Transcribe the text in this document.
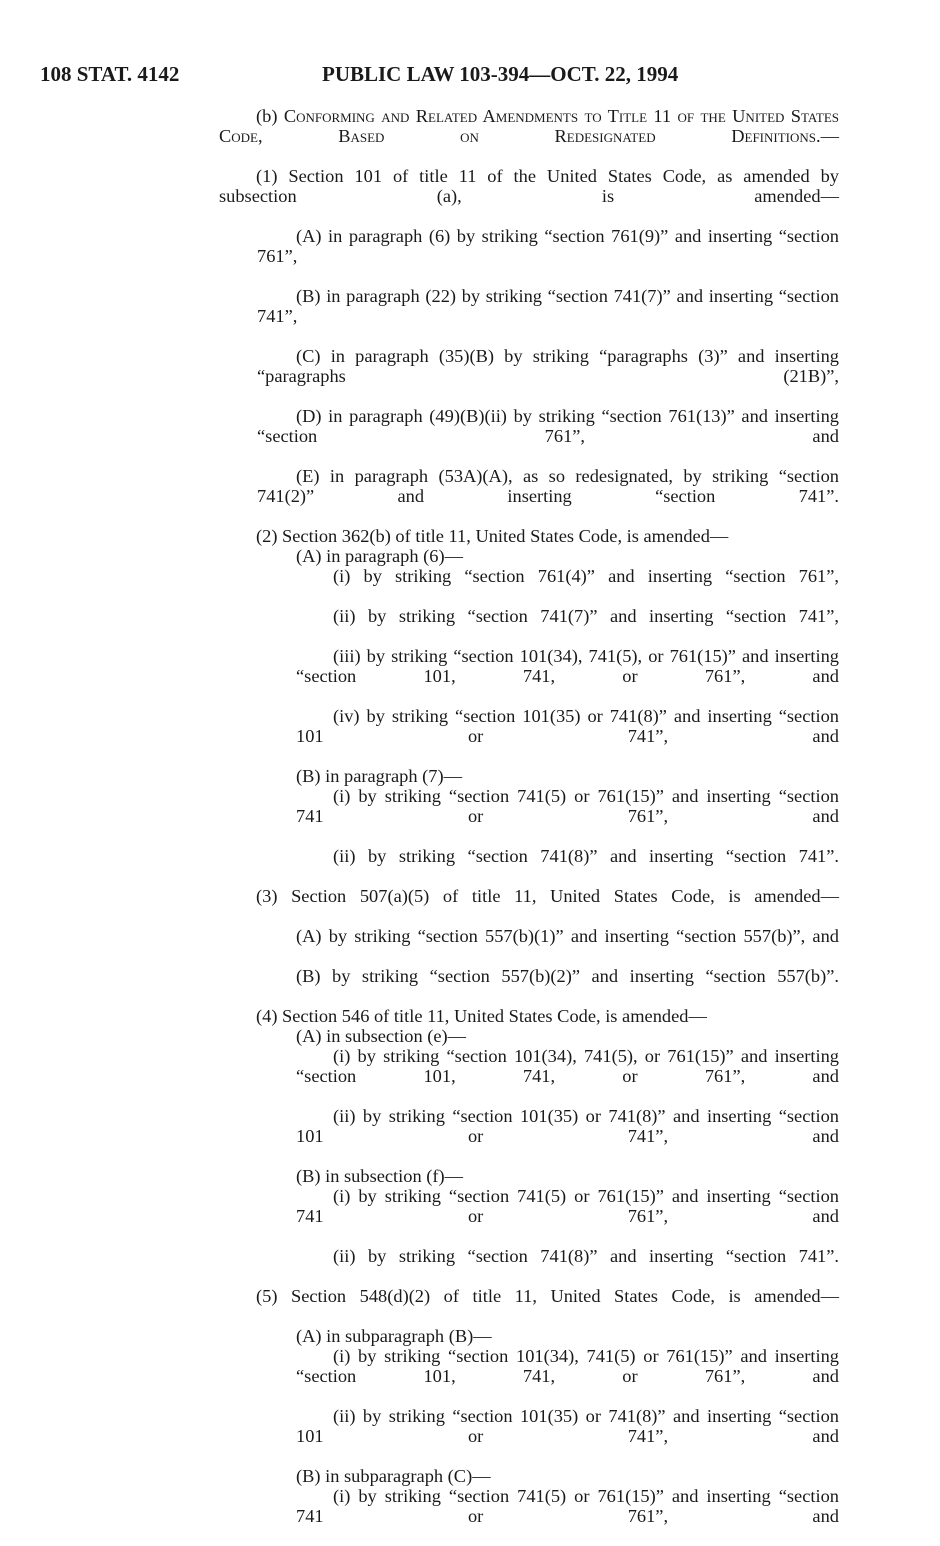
108 STAT. 4142	PUBLIC LAW 103-394—OCT. 22, 1994

(b) Conforming and Related Amendments to Title 11 of the United States Code, Based on Redesignated Definitions.—

(1) Section 101 of title 11 of the United States Code, as amended by subsection (a), is amended—

(A) in paragraph (6) by striking “section 761(9)” and inserting “section 761”,

(B) in paragraph (22) by striking “section 741(7)” and inserting “section 741”,

(C) in paragraph (35)(B) by striking “paragraphs (3)” and inserting “paragraphs (21B)”,

(D) in paragraph (49)(B)(ii) by striking “section 761(13)” and inserting “section 761”, and

(E) in paragraph (53A)(A), as so redesignated, by striking “section 741(2)” and inserting “section 741”.

(2) Section 362(b) of title 11, United States Code, is amended—

(A) in paragraph (6)—

(i) by striking “section 761(4)” and inserting “section 761”,

(ii) by striking “section 741(7)” and inserting “section 741”,

(iii) by striking “section 101(34), 741(5), or 761(15)” and inserting “section 101, 741, or 761”, and

(iv) by striking “section 101(35) or 741(8)” and inserting “section 101 or 741”, and

(B) in paragraph (7)—

(i) by striking “section 741(5) or 761(15)” and inserting “section 741 or 761”, and

(ii) by striking “section 741(8)” and inserting “section 741”.

(3) Section 507(a)(5) of title 11, United States Code, is amended—

(A) by striking “section 557(b)(1)” and inserting “section 557(b)”, and

(B) by striking “section 557(b)(2)” and inserting “section 557(b)”.

(4) Section 546 of title 11, United States Code, is amended—

(A) in subsection (e)—

(i) by striking “section 101(34), 741(5), or 761(15)” and inserting “section 101, 741, or 761”, and

(ii) by striking “section 101(35) or 741(8)” and inserting “section 101 or 741”, and

(B) in subsection (f)—

(i) by striking “section 741(5) or 761(15)” and inserting “section 741 or 761”, and

(ii) by striking “section 741(8)” and inserting “section 741”.

(5) Section 548(d)(2) of title 11, United States Code, is amended—

(A) in subparagraph (B)—

(i) by striking “section 101(34), 741(5) or 761(15)” and inserting “section 101, 741, or 761”, and

(ii) by striking “section 101(35) or 741(8)” and inserting “section 101 or 741”, and

(B) in subparagraph (C)—

(i) by striking “section 741(5) or 761(15)” and inserting “section 741 or 761”, and
